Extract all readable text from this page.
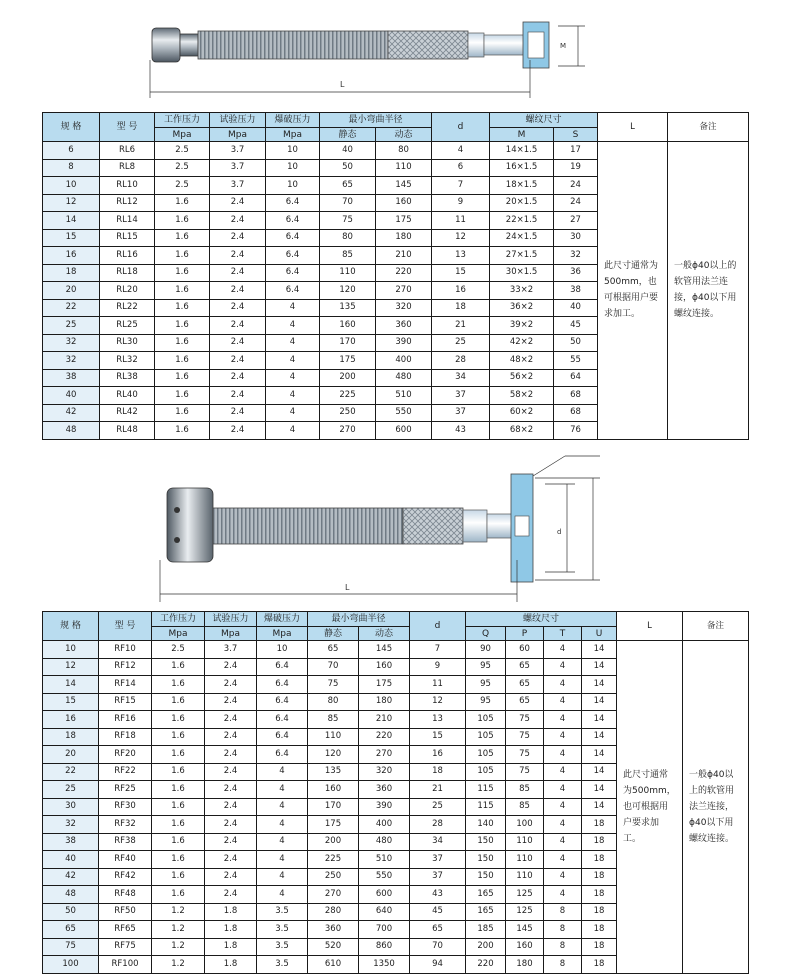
L
M
规 格	型 号	工作压力	试验压力	爆破压力	最小弯曲半径		d	螺纹尺寸		L	备注
		Mpa	Mpa	Mpa	静态	动态		M	S		
6	RL6	2.5	3.7	10	40	80	4	14×1.5	17	此尺寸通常为500mm，也可根据用户要求加工。	一般ϕ40以上的软管用法兰连接，ϕ40以下用螺纹连接。
8	RL8	2.5	3.7	10	50	110	6	16×1.5	19		
10	RL10	2.5	3.7	10	65	145	7	18×1.5	24		
12	RL12	1.6	2.4	6.4	70	160	9	20×1.5	24		
14	RL14	1.6	2.4	6.4	75	175	11	22×1.5	27		
15	RL15	1.6	2.4	6.4	80	180	12	24×1.5	30		
16	RL16	1.6	2.4	6.4	85	210	13	27×1.5	32		
18	RL18	1.6	2.4	6.4	110	220	15	30×1.5	36		
20	RL20	1.6	2.4	6.4	120	270	16	33×2	38		
22	RL22	1.6	2.4	4	135	320	18	36×2	40		
25	RL25	1.6	2.4	4	160	360	21	39×2	45		
32	RL30	1.6	2.4	4	170	390	25	42×2	50		
32	RL32	1.6	2.4	4	175	400	28	48×2	55		
38	RL38	1.6	2.4	4	200	480	34	56×2	64		
40	RL40	1.6	2.4	4	225	510	37	58×2	68		
42	RL42	1.6	2.4	4	250	550	37	60×2	68		
48	RL48	1.6	2.4	4	270	600	43	68×2	76		
L
d
规 格	型 号	工作压力	试验压力	爆破压力	最小弯曲半径		d	螺纹尺寸				L	备注
		Mpa	Mpa	Mpa	静态	动态		Q	P	T	U		
10	RF10	2.5	3.7	10	65	145	7	90	60	4	14	此尺寸通常为500mm，也可根据用户要求加工。	一般ϕ40以上的软管用法兰连接，ϕ40以下用螺纹连接。
12	RF12	1.6	2.4	6.4	70	160	9	95	65	4	14		
14	RF14	1.6	2.4	6.4	75	175	11	95	65	4	14		
15	RF15	1.6	2.4	6.4	80	180	12	95	65	4	14		
16	RF16	1.6	2.4	6.4	85	210	13	105	75	4	14		
18	RF18	1.6	2.4	6.4	110	220	15	105	75	4	14		
20	RF20	1.6	2.4	6.4	120	270	16	105	75	4	14		
22	RF22	1.6	2.4	4	135	320	18	105	75	4	14		
25	RF25	1.6	2.4	4	160	360	21	115	85	4	14		
30	RF30	1.6	2.4	4	170	390	25	115	85	4	14		
32	RF32	1.6	2.4	4	175	400	28	140	100	4	18		
38	RF38	1.6	2.4	4	200	480	34	150	110	4	18		
40	RF40	1.6	2.4	4	225	510	37	150	110	4	18		
42	RF42	1.6	2.4	4	250	550	37	150	110	4	18		
48	RF48	1.6	2.4	4	270	600	43	165	125	4	18		
50	RF50	1.2	1.8	3.5	280	640	45	165	125	8	18		
65	RF65	1.2	1.8	3.5	360	700	65	185	145	8	18		
75	RF75	1.2	1.8	3.5	520	860	70	200	160	8	18		
100	RF100	1.2	1.8	3.5	610	1350	94	220	180	8	18		
